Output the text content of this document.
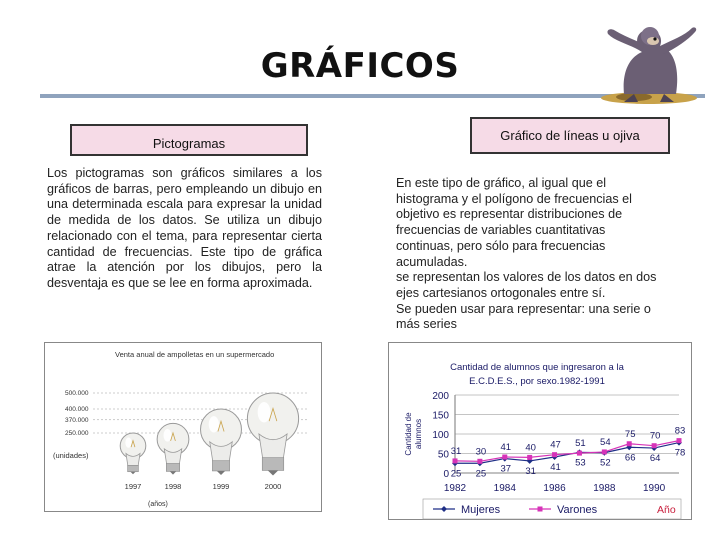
GRÁFICOS
Pictogramas
Gráfico de líneas u ojiva
Los pictogramas son gráficos similares a los gráficos de barras, pero empleando un dibujo en una determinada escala para expresar la unidad de medida de los datos. Se utiliza un dibujo relacionado con el tema, para representar cierta cantidad de frecuencias. Este tipo de gráfica atrae la atención por los dibujos, pero la desventaja es que se lee en forma aproximada.
En este tipo de gráfico, al igual que el
histograma y el polígono de frecuencias el
objetivo es representar distribuciones de
frecuencias de variables cuantitativas
continuas, pero sólo para frecuencias
acumuladas.
se representan los valores de los datos en dos
ejes cartesianos ortogonales entre sí.
Se pueden usar para representar: una serie o
más series
Venta anual de ampolletas en un supermercado
(unidades)
(años)
500.000
400.000
370.000
250.000
1997	1998	1999	2000
Cantidad de alumnos que ingresaron a la
E.C.D.E.S., por sexo.1982-1991
Cantidad dealumnos
0
50
100
150
200
1982	1984	1986	1988	1990
31 30 41 40 47 51 54
75 70 83
25 25 37 31 41 53 52 66 64 78
Mujeres	Varones	Año
